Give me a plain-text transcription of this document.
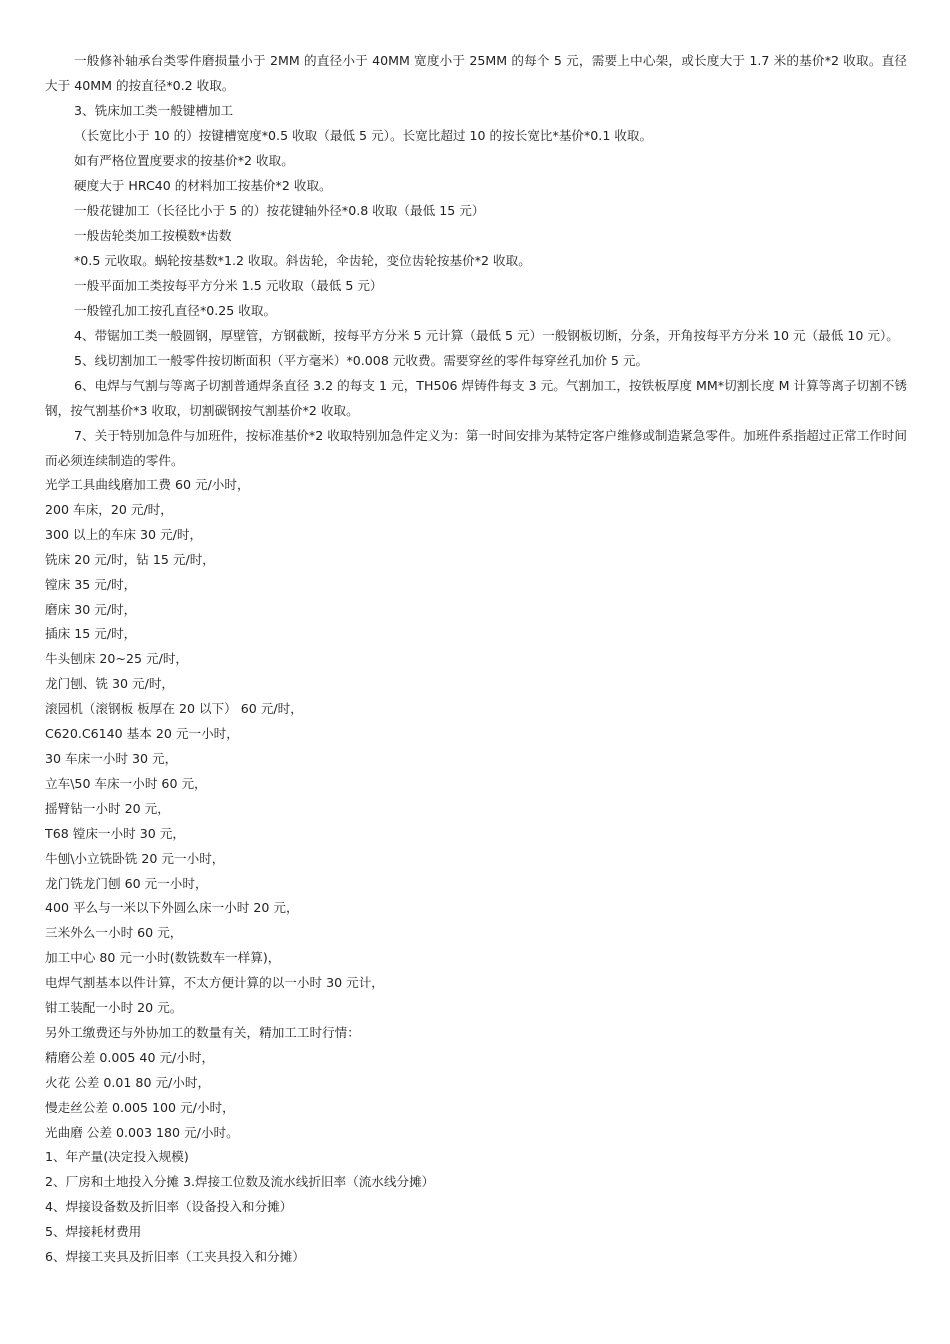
一般修补轴承台类零件磨损量小于 2MM 的直径小于 40MM 宽度小于 25MM 的每个 5 元，需要上中心架，或长度大于 1.7 米的基价*2 收取。直径大于 40MM 的按直径*0.2 收取。

3、铣床加工类一般键槽加工

（长宽比小于 10 的）按键槽宽度*0.5 收取（最低 5 元）。长宽比超过 10 的按长宽比*基价*0.1 收取。

如有严格位置度要求的按基价*2 收取。

硬度大于 HRC40 的材料加工按基价*2 收取。

一般花键加工（长径比小于 5 的）按花键轴外径*0.8 收取（最低 15 元）

一般齿轮类加工按模数*齿数

*0.5 元收取。蜗轮按基数*1.2 收取。斜齿轮，伞齿轮，变位齿轮按基价*2 收取。

一般平面加工类按每平方分米 1.5 元收取（最低 5 元）

一般镗孔加工按孔直径*0.25 收取。

4、带锯加工类一般圆钢，厚壁管，方钢截断，按每平方分米 5 元计算（最低 5 元）一般钢板切断，分条，开角按每平方分米 10 元（最低 10 元）。

5、线切割加工一般零件按切断面积（平方毫米）*0.008 元收费。需要穿丝的零件每穿丝孔加价 5 元。

6、电焊与气割与等离子切割普通焊条直径 3.2 的每支 1 元，TH506 焊铸件每支 3 元。气割加工，按铁板厚度 MM*切割长度 M 计算等离子切割不锈钢，按气割基价*3 收取，切割碳钢按气割基价*2 收取。

7、关于特别加急件与加班件，按标准基价*2 收取特别加急件定义为：第一时间安排为某特定客户维修或制造紧急零件。加班件系指超过正常工作时间而必须连续制造的零件。

光学工具曲线磨加工费 60 元/小时，

200 车床，20 元/时，

300 以上的车床 30 元/时，

铣床 20 元/时，钻 15 元/时，

镗床 35 元/时，

磨床 30 元/时，

插床 15 元/时，

牛头刨床 20~25 元/时，

龙门刨、铣 30 元/时，

滚园机（滚钢板 板厚在 20 以下） 60 元/时，

C620.C6140 基本 20 元一小时，

30 车床一小时 30 元，

立车\50 车床一小时 60 元，

摇臂钻一小时 20 元，

T68 镗床一小时 30 元，

牛刨\小立铣卧铣 20 元一小时，

龙门铣龙门刨 60 元一小时，

400 平么与一米以下外圆么床一小时 20 元，

三米外么一小时 60 元，

加工中心 80 元一小时(数铣数车一样算)，

电焊气割基本以件计算，不太方便计算的以一小时 30 元计，

钳工装配一小时 20 元。

另外工缴费还与外协加工的数量有关，精加工工时行情：

精磨公差 0.005 40 元/小时，

火花 公差 0.01 80 元/小时，

慢走丝公差 0.005 100 元/小时，

光曲磨 公差 0.003 180 元/小时。

1、年产量(决定投入规模)

2、厂房和土地投入分摊 3.焊接工位数及流水线折旧率（流水线分摊）

4、焊接设备数及折旧率（设备投入和分摊）

5、焊接耗材费用

6、焊接工夹具及折旧率（工夹具投入和分摊）
